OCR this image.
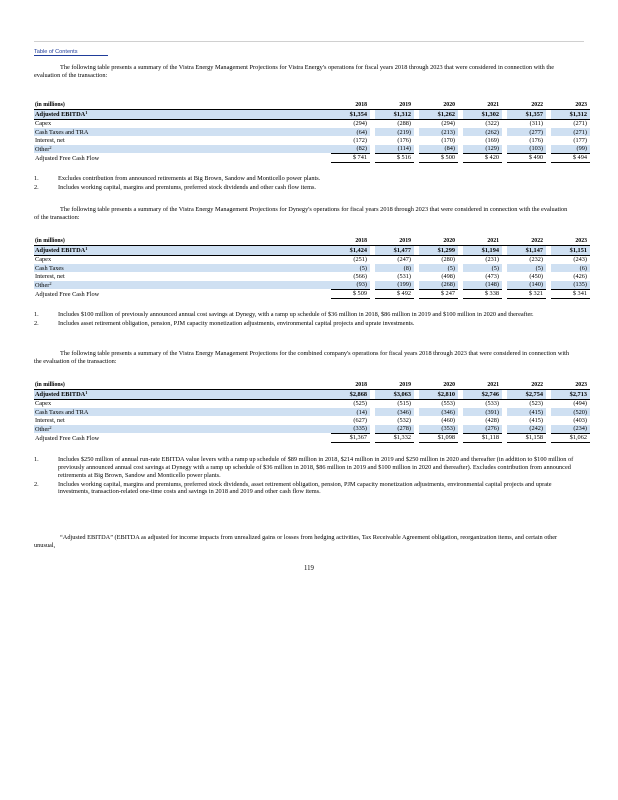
Table of Contents

The following table presents a summary of the Vistra Energy Management Projections for Vistra Energy's operations for fiscal years 2018 through 2023 that were considered in connection with the evaluation of the transaction:

(in millions)	2018		2019		2020		2021		2022		2023
Adjusted EBITDA$^1$	$1,354		$1,312		$1,262		$1,302		$1,357		$1,312
Capex	(294)		(288)		(294)		(322)		(311)		(271)
Cash Taxes and TRA	(64)		(219)		(213)		(262)		(277)		(271)
Interest, net	(172)		(176)		(170)		(169)		(176)		(177)
Other$^2$	(82)		(114)		(84)		(129)		(103)		(99)
Adjusted Free Cash Flow	$ 741		$ 516		$ 500		$ 420		$ 490		$ 494
1.	Excludes contribution from announced retirements at Big Brown, Sandow and Monticello power plants.
2.	Includes working capital, margins and premiums, preferred stock dividends and other cash flow items.

The following table presents a summary of the Vistra Energy Management Projections for Dynegy's operations for fiscal years 2018 through 2023 that were considered in connection with the evaluation of the transaction:

(in millions)	2018		2019		2020		2021		2022		2023
Adjusted EBITDA$^1$	$1,424		$1,477		$1,299		$1,194		$1,147		$1,151
Capex	(251)		(247)		(280)		(231)		(232)		(243)
Cash Taxes	(5)		(8)		(5)		(5)		(5)		(6)
Interest, net	(566)		(531)		(498)		(473)		(450)		(426)
Other$^2$	(93)		(199)		(268)		(148)		(140)		(135)
Adjusted Free Cash Flow	$ 509		$ 492		$ 247		$ 338		$ 321		$ 341
1.	Includes $100 million of previously announced annual cost savings at Dynegy, with a ramp up schedule of $36 million in 2018, $86 million in 2019 and $100 million in 2020 and thereafter.
2.	Includes asset retirement obligation, pension, PJM capacity monetization adjustments, environmental capital projects and uprate investments.

The following table presents a summary of the Vistra Energy Management Projections for the combined company's operations for fiscal years 2018 through 2023 that were considered in connection with the evaluation of the transaction:

(in millions)	2018		2019		2020		2021		2022		2023
Adjusted EBITDA$^1$	$2,868		$3,063		$2,810		$2,746		$2,754		$2,713
Capex	(525)		(515)		(553)		(533)		(523)		(494)
Cash Taxes and TRA	(14)		(346)		(346)		(391)		(415)		(520)
Interest, net	(627)		(532)		(460)		(428)		(415)		(403)
Other$^2$	(335)		(278)		(353)		(276)		(242)		(234)
Adjusted Free Cash Flow	$1,367		$1,332		$1,098		$1,118		$1,158		$1,062
1.	Includes $250 million of annual run-rate EBITDA value levers with a ramp up schedule of $89 million in 2018, $214 million in 2019 and $250 million in 2020 and thereafter (in addition to $100 million of previously announced annual cost savings at Dynegy with a ramp up schedule of $36 million in 2018, $86 million in 2019 and $100 million in 2020 and thereafter). Excludes contribution from announced retirements at Big Brown, Sandow and Monticello power plants.
2.	Includes working capital, margins and premiums, preferred stock dividends, asset retirement obligation, pension, PJM capacity monetization adjustments, environmental capital projects and uprate investments, transaction-related one-time costs and savings in 2018 and 2019 and other cash flow items.

“Adjusted EBITDA” (EBITDA as adjusted for income impacts from unrealized gains or losses from hedging activities, Tax Receivable Agreement obligation, reorganization items, and certain other unusual,

119
